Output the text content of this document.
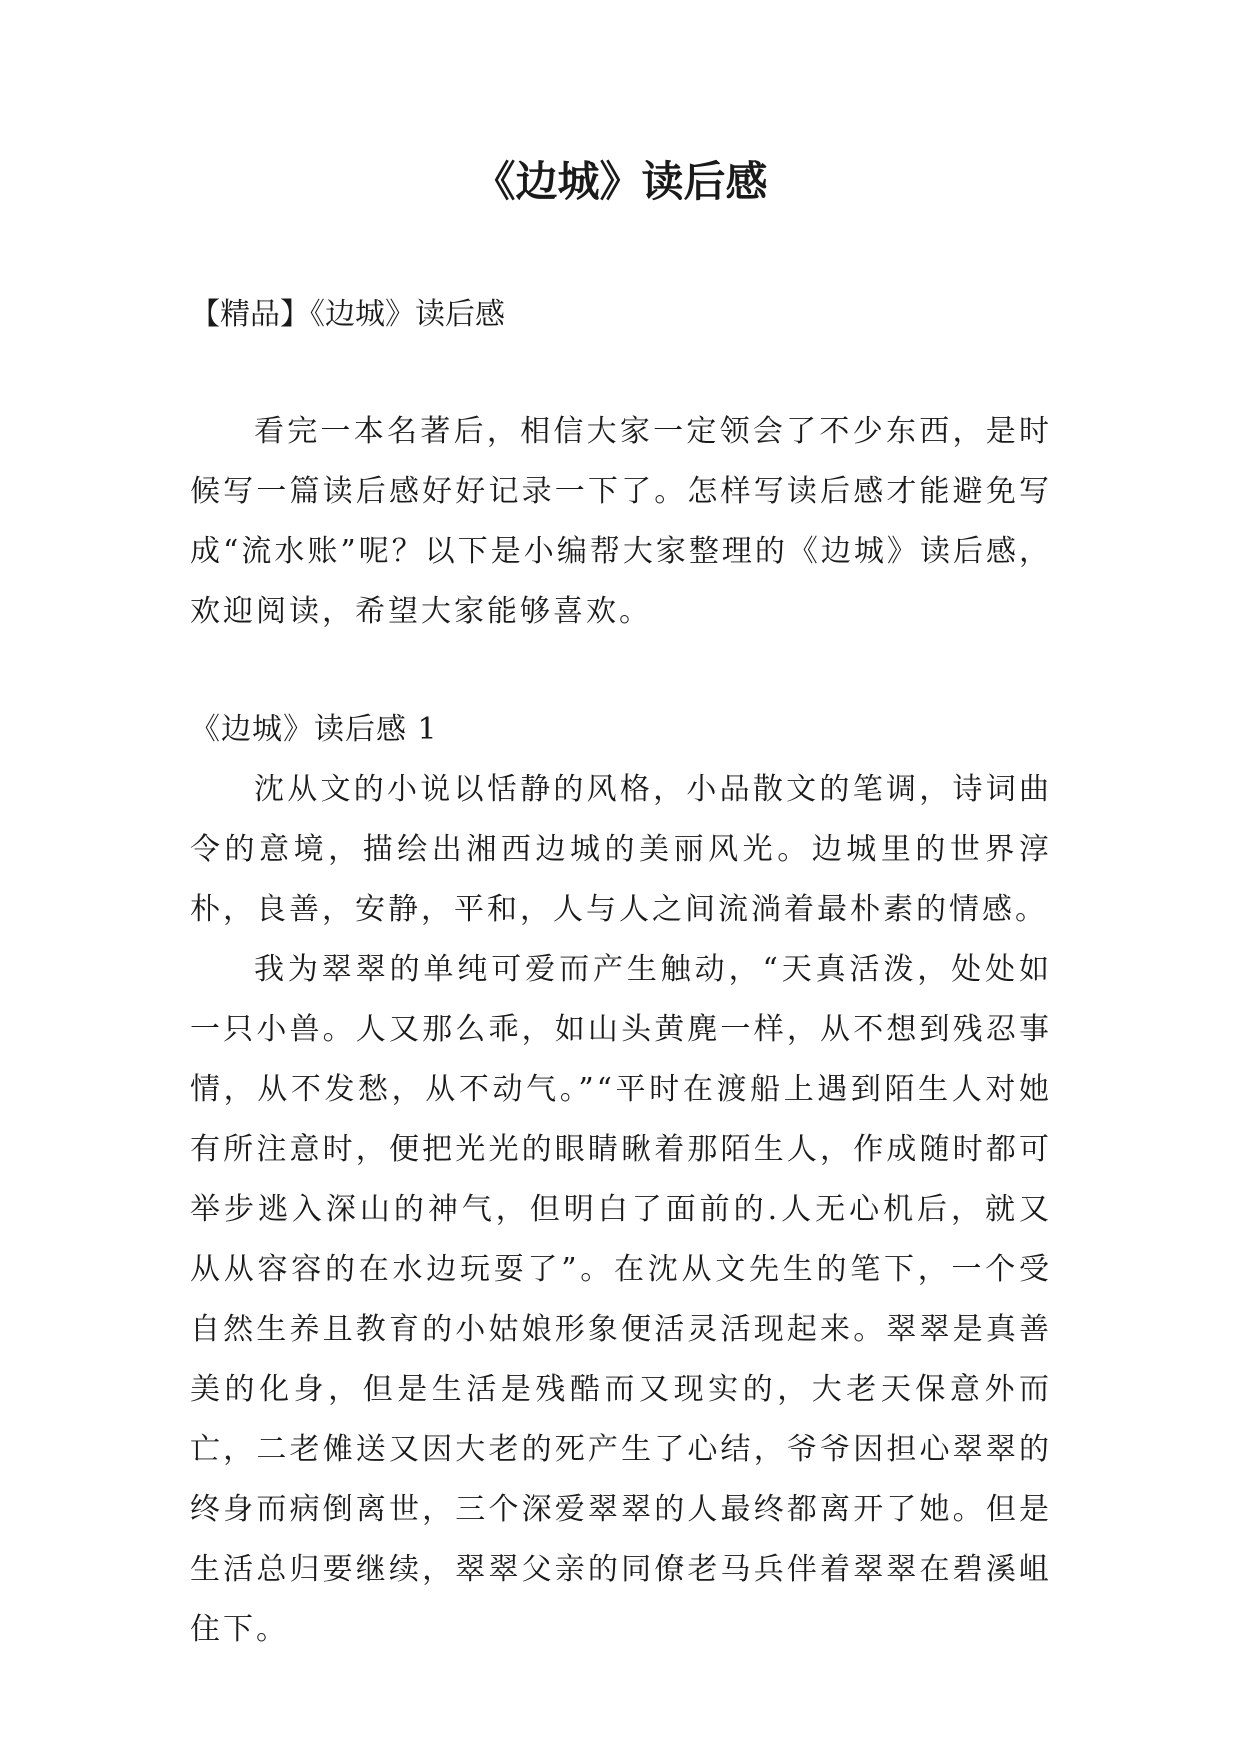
《边城》读后感

【精品】《边城》读后感

看完一本名著后，相信大家一定领会了不少东西，是时候写一篇读后感好好记录一下了。怎样写读后感才能避免写成“流水账”呢？以下是小编帮大家整理的《边城》读后感，欢迎阅读，希望大家能够喜欢。

《边城》读后感 1

沈从文的小说以恬静的风格，小品散文的笔调，诗词曲令的意境，描绘出湘西边城的美丽风光。边城里的世界淳朴，良善，安静，平和，人与人之间流淌着最朴素的情感。

我为翠翠的单纯可爱而产生触动，“天真活泼，处处如一只小兽。人又那么乖，如山头黄麂一样，从不想到残忍事情，从不发愁，从不动气。”“平时在渡船上遇到陌生人对她有所注意时，便把光光的眼睛瞅着那陌生人，作成随时都可举步逃入深山的神气，但明白了面前的.人无心机后，就又从从容容的在水边玩耍了”。在沈从文先生的笔下，一个受自然生养且教育的小姑娘形象便活灵活现起来。翠翠是真善美的化身，但是生活是残酷而又现实的，大老天保意外而亡，二老傩送又因大老的死产生了心结，爷爷因担心翠翠的终身而病倒离世，三个深爱翠翠的人最终都离开了她。但是生活总归要继续，翠翠父亲的同僚老马兵伴着翠翠在碧溪岨住下。
